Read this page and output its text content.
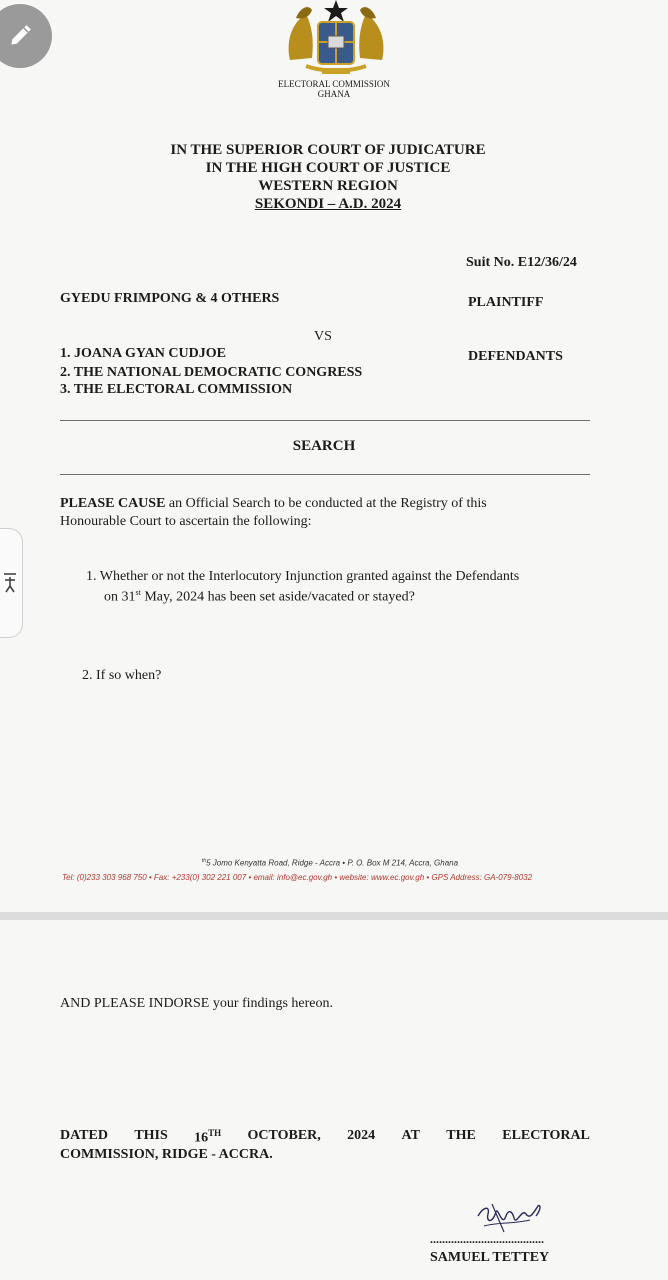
ELECTORAL COMMISSION
GHANA
IN THE SUPERIOR COURT OF JUDICATURE
IN THE HIGH COURT OF JUSTICE
WESTERN REGION
SEKONDI – A.D. 2024
Suit No. E12/36/24
GYEDU FRIMPONG & 4 OTHERS	PLAINTIFF
VS
1. JOANA GYAN CUDJOE	DEFENDANTS
2. THE NATIONAL DEMOCRATIC CONGRESS
3. THE ELECTORAL COMMISSION
SEARCH
PLEASE CAUSE an Official Search to be conducted at the Registry of this
Honourable Court to ascertain the following:
1. Whether or not the Interlocutory Injunction granted against the Defendants
on 31st May, 2024 has been set aside/vacated or stayed?
2. If so when?
$^{th}$5 Jomo Kenyatta Road, Ridge - Accra • P. O. Box M 214, Accra, Ghana
Tel: (0)233 303 968 750 • Fax: +233(0) 302 221 007 • email: info@ec.gov.gh • website: www.ec.gov.gh • GPS Address: GA-079-8032
AND PLEASE INDORSE your findings hereon.
DATED THIS 16TH OCTOBER, 2024 AT THE ELECTORAL
COMMISSION, RIDGE - ACCRA.
......................................
SAMUEL TETTEY
